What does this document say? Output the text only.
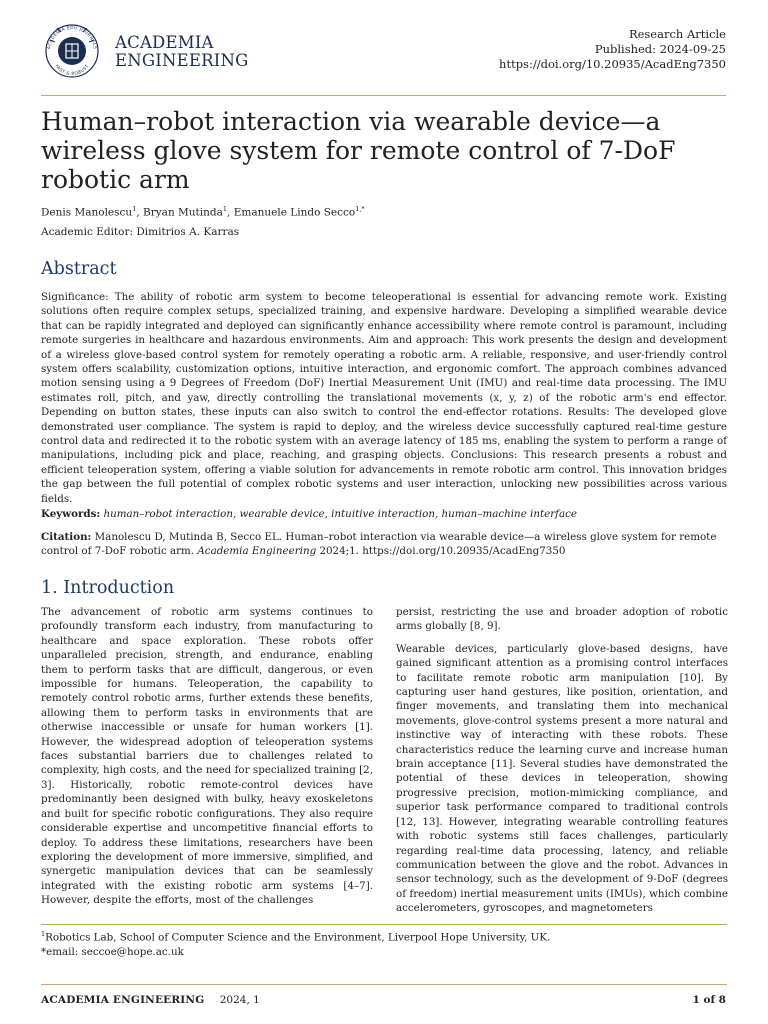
ACADEMIA EDU JOURNALS
FAST & ROBUST
ACADEMIA
ENGINEERING
Research Article
Published: 2024-09-25
https://doi.org/10.20935/AcadEng7350
Human–robot interaction via wearable device—a wireless glove system for remote control of 7-DoF robotic arm
Denis Manolescu$^1$, Bryan Mutinda$^1$, Emanuele Lindo Secco$^{1,*}$
Academic Editor: Dimitrios A. Karras
Abstract

Significance: The ability of robotic arm system to become teleoperational is essential for advancing remote work. Existing solutions often require complex setups, specialized training, and expensive hardware. Developing a simplified wearable device that can be rapidly integrated and deployed can significantly enhance accessibility where remote control is paramount, including remote surgeries in healthcare and hazardous environments. Aim and approach: This work presents the design and development of a wireless glove-based control system for remotely operating a robotic arm. A reliable, responsive, and user-friendly control system offers scalability, customization options, intuitive interaction, and ergonomic comfort. The approach combines advanced motion sensing using a 9 Degrees of Freedom (DoF) Inertial Measurement Unit (IMU) and real-time data processing. The IMU estimates roll, pitch, and yaw, directly controlling the translational movements (x, y, z) of the robotic arm's end effector. Depending on button states, these inputs can also switch to control the end-effector rotations. Results: The developed glove demonstrated user compliance. The system is rapid to deploy, and the wireless device successfully captured real-time gesture control data and redirected it to the robotic system with an average latency of 185 ms, enabling the system to perform a range of manipulations, including pick and place, reaching, and grasping objects. Conclusions: This research presents a robust and efficient teleoperation system, offering a viable solution for advancements in remote robotic arm control. This innovation bridges the gap between the full potential of complex robotic systems and user interaction, unlocking new possibilities across various fields.

Keywords: human–robot interaction, wearable device, intuitive interaction, human–machine interface

Citation: Manolescu D, Mutinda B, Secco EL. Human–robot interaction via wearable device—a wireless glove system for remote control of 7-DoF robotic arm. Academia Engineering 2024;1. https://doi.org/10.20935/AcadEng7350

1. Introduction

The advancement of robotic arm systems continues to profoundly transform each industry, from manufacturing to healthcare and space exploration. These robots offer unparalleled precision, strength, and endurance, enabling them to perform tasks that are difficult, dangerous, or even impossible for humans. Teleoperation, the capability to remotely control robotic arms, further extends these benefits, allowing them to perform tasks in environments that are otherwise inaccessible or unsafe for human workers [1]. However, the widespread adoption of teleoperation systems faces substantial barriers due to challenges related to complexity, high costs, and the need for specialized training [2, 3]. Historically, robotic remote-control devices have predominantly been designed with bulky, heavy exoskeletons and built for specific robotic configurations. They also require considerable expertise and uncompetitive financial efforts to deploy. To address these limitations, researchers have been exploring the development of more immersive, simplified, and synergetic manipulation devices that can be seamlessly integrated with the existing robotic arm systems [4–7]. However, despite the efforts, most of the challenges

persist, restricting the use and broader adoption of robotic arms globally [8, 9].

Wearable devices, particularly glove-based designs, have gained significant attention as a promising control interfaces to facilitate remote robotic arm manipulation [10]. By capturing user hand gestures, like position, orientation, and finger movements, and translating them into mechanical movements, glove-control systems present a more natural and instinctive way of interacting with these robots. These characteristics reduce the learning curve and increase human brain acceptance [11]. Several studies have demonstrated the potential of these devices in teleoperation, showing progressive precision, motion-mimicking compliance, and superior task performance compared to traditional controls [12, 13]. However, integrating wearable controlling features with robotic systems still faces challenges, particularly regarding real-time data processing, latency, and reliable communication between the glove and the robot. Advances in sensor technology, such as the development of 9-DoF (degrees of freedom) inertial measurement units (IMUs), which combine accelerometers, gyroscopes, and magnetometers

$^1$Robotics Lab, School of Computer Science and the Environment, Liverpool Hope University, UK.
*email: seccoe@hope.ac.uk
ACADEMIA ENGINEERING 2024, 1	1 of 8
